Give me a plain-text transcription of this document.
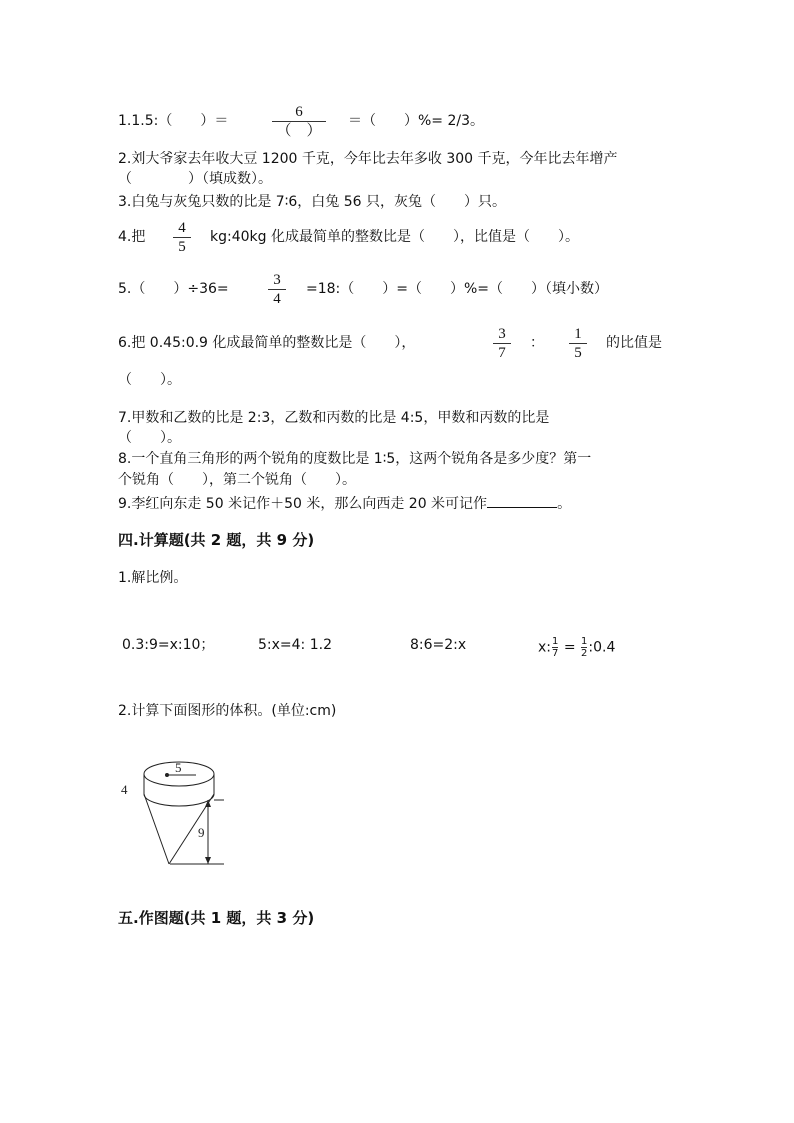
1.1.5:（　　）＝
6
（　）
＝（　　）%= 2/3。
2.刘大爷家去年收大豆 1200 千克，今年比去年多收 300 千克，今年比去年增产
（　　　　）（填成数）。
3.白兔与灰兔只数的比是 7∶6，白兔 56 只，灰兔（　　）只。
4.把
4
5
kg:40kg 化成最简单的整数比是（　　），比值是（　　）。
5.（　　）÷36=
3
4
=18:（　　）=（　　）%=（　　）（填小数）
6.把 0.45:0.9 化成最简单的整数比是（　　），
3
7
：
1
5
的比值是
（　　）。
7.甲数和乙数的比是 2:3，乙数和丙数的比是 4:5，甲数和丙数的比是
（　　）。
8.一个直角三角形的两个锐角的度数比是 1∶5，这两个锐角各是多少度？第一
个锐角（　　），第二个锐角（　　）。
9.李红向东走 50 米记作＋50 米，那么向西走 20 米可记作	。
四.计算题(共 2 题，共 9 分)
1.解比例。
0.3:9=x:10；	5:x=4: 1.2	8:6=2:x	$x:\frac{1}{7}$ = $\frac{1}{2}:0.4$
2.计算下面图形的体积。(单位:cm)
5
4
9
五.作图题(共 1 题，共 3 分)
